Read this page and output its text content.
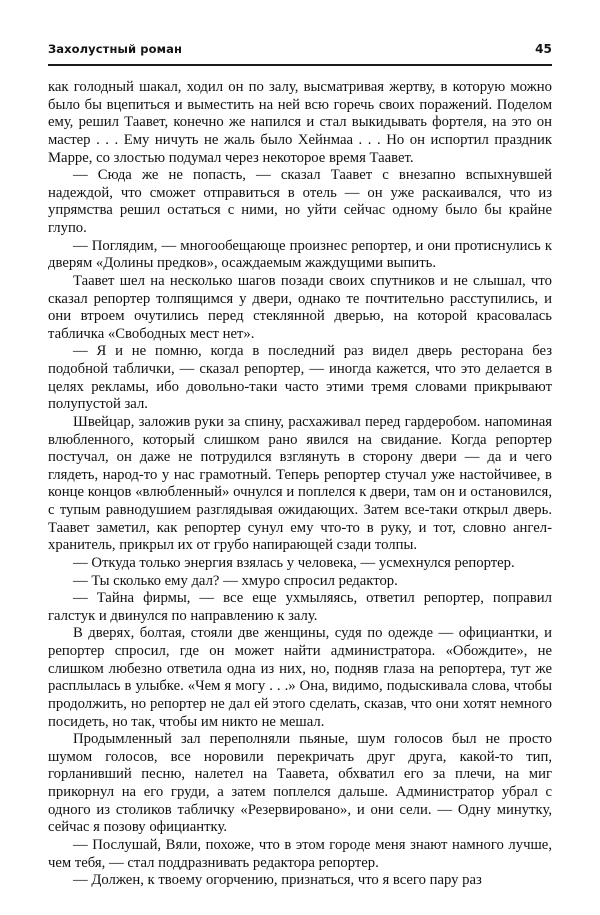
Захолустный роман	45

как голодный шакал, ходил он по залу, высматривая жертву, в которую можно было бы вцепиться и выместить на ней всю горечь своих поражений. Поделом ему, решил Таавет, конечно же напился и стал выкидывать фортеля, на это он мастер . . . Ему ничуть не жаль было Хейнмаа . . . Но он испортил праздник Марре, со злостью подумал через некоторое время Таавет.

— Сюда же не попасть, — сказал Таавет с внезапно вспыхнувшей надеждой, что сможет отправиться в отель — он уже раскаивался, что из упрямства решил остаться с ними, но уйти сейчас одному было бы крайне глупо.

— Поглядим, — многообещающе произнес репортер, и они протиснулись к дверям «Долины предков», осаждаемым жаждущими выпить.

Таавет шел на несколько шагов позади своих спутников и не слышал, что сказал репортер толпящимся у двери, однако те почтительно расступились, и они втроем очутились перед стеклянной дверью, на которой красовалась табличка «Свободных мест нет».

— Я и не помню, когда в последний раз видел дверь ресторана без подобной таблички, — сказал репортер, — иногда кажется, что это делается в целях рекламы, ибо довольно-таки часто этими тремя словами прикрывают полупустой зал.

Швейцар, заложив руки за спину, расхаживал перед гардеробом. напоминая влюбленного, который слишком рано явился на свидание. Когда репортер постучал, он даже не потрудился взглянуть в сторону двери — да и чего глядеть, народ-то у нас грамотный. Теперь репортер стучал уже настойчивее, в конце концов «влюбленный» очнулся и поплелся к двери, там он и остановился, с тупым равнодушием разглядывая ожидающих. Затем все-таки открыл дверь. Таавет заметил, как репортер сунул ему что-то в руку, и тот, словно ангел-хранитель, прикрыл их от грубо напирающей сзади толпы.

— Откуда только энергия взялась у человека, — усмехнулся репортер.

— Ты сколько ему дал? — хмуро спросил редактор.

— Тайна фирмы, — все еще ухмыляясь, ответил репортер, поправил галстук и двинулся по направлению к залу.

В дверях, болтая, стояли две женщины, судя по одежде — официантки, и репортер спросил, где он может найти администратора. «Обождите», не слишком любезно ответила одна из них, но, подняв глаза на репортера, тут же расплылась в улыбке. «Чем я могу . . .» Она, видимо, подыскивала слова, чтобы продолжить, но репортер не дал ей этого сделать, сказав, что они хотят немного посидеть, но так, чтобы им никто не мешал.

Продымленный зал переполняли пьяные, шум голосов был не просто шумом голосов, все норовили перекричать друг друга, какой-то тип, горланивший песню, налетел на Таавета, обхватил его за плечи, на миг прикорнул на его груди, а затем поплелся дальше. Администратор убрал с одного из столиков табличку «Резервировано», и они сели. — Одну минутку, сейчас я позову официантку.

— Послушай, Вяли, похоже, что в этом городе меня знают намного лучше, чем тебя, — стал поддразнивать редактора репортер.

— Должен, к твоему огорчению, признаться, что я всего пару раз
